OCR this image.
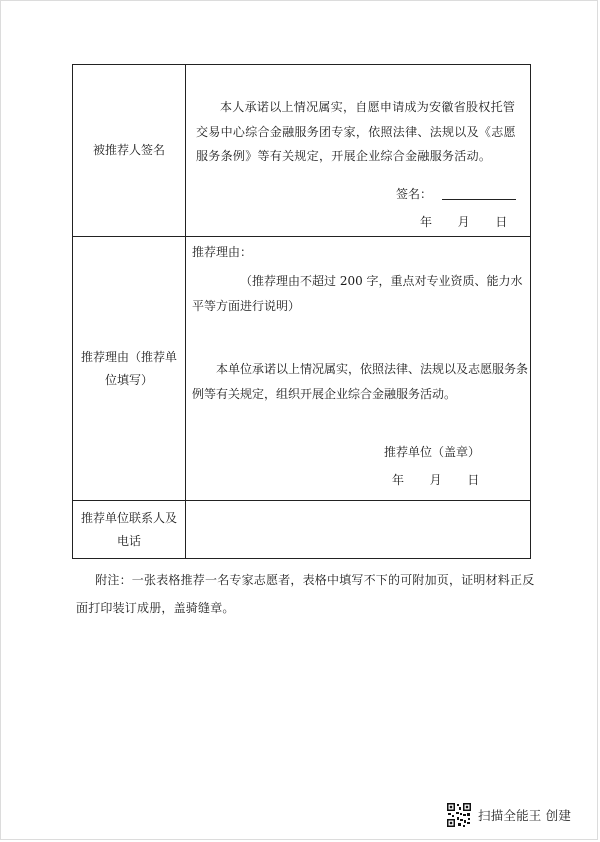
被推荐人签名	本人承诺以上情况属实，自愿申请成为安徽省股权托管交易中心综合金融服务团专家，依照法律、法规以及《志愿服务条例》等有关规定，开展企业综合金融服务活动。
签名：
年 月 日

推荐理由（推荐单位填写）	推荐理由：
（推荐理由不超过 200 字，重点对专业资质、能力水平等方面进行说明）
本单位承诺以上情况属实，依照法律、法规以及志愿服务条例等有关规定，组织开展企业综合金融服务活动。
推荐单位（盖章）
年 月 日

推荐单位联系人及电话	
附注：一张表格推荐一名专家志愿者，表格中填写不下的可附加页，证明材料正反面打印装订成册，盖骑缝章。
扫描全能王 创建
